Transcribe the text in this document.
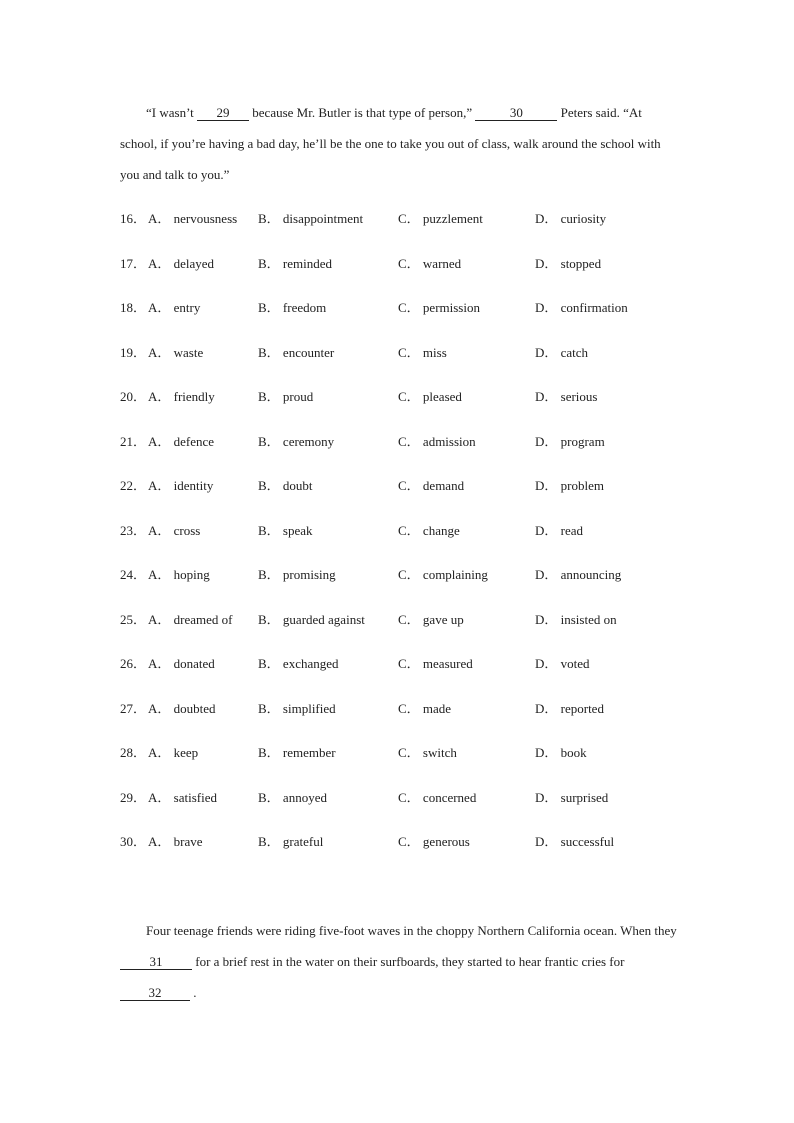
“I wasn’t 29 because Mr. Butler is that type of person,”	30	Peters said. “At school, if you’re having a bad day, he’ll be the one to take you out of class, walk around the school with you and talk to you.”
16． A． nervousness B． disappointment	C． puzzlement	D． curiosity
17． A． delayed	B． reminded	C． warned	D． stopped
18． A． entry	B． freedom	C． permission	D． confirmation
19． A． waste	B． encounter	C． miss	D． catch
20． A． friendly	B． proud	C． pleased	D． serious
21． A． defence	B． ceremony	C． admission	D． program
22． A． identity	B． doubt	C． demand	D． problem
23． A． cross	B． speak	C． change	D． read
24． A． hoping	B． promising	C． complaining	D． announcing
25． A． dreamed of B． guarded against	C． gave up	D． insisted on
26． A． donated	B． exchanged	C． measured	D． voted
27． A． doubted	B． simplified	C． made	D． reported
28． A． keep	B． remember	C． switch	D． book
29． A． satisfied	B． annoyed	C． concerned	D． surprised
30． A． brave	B． grateful	C． generous	D． successful
Four teenage friends were riding five-foot waves in the choppy Northern California ocean. When they 31 for a brief rest in the water on their surfboards, they started to hear frantic cries for32 .
